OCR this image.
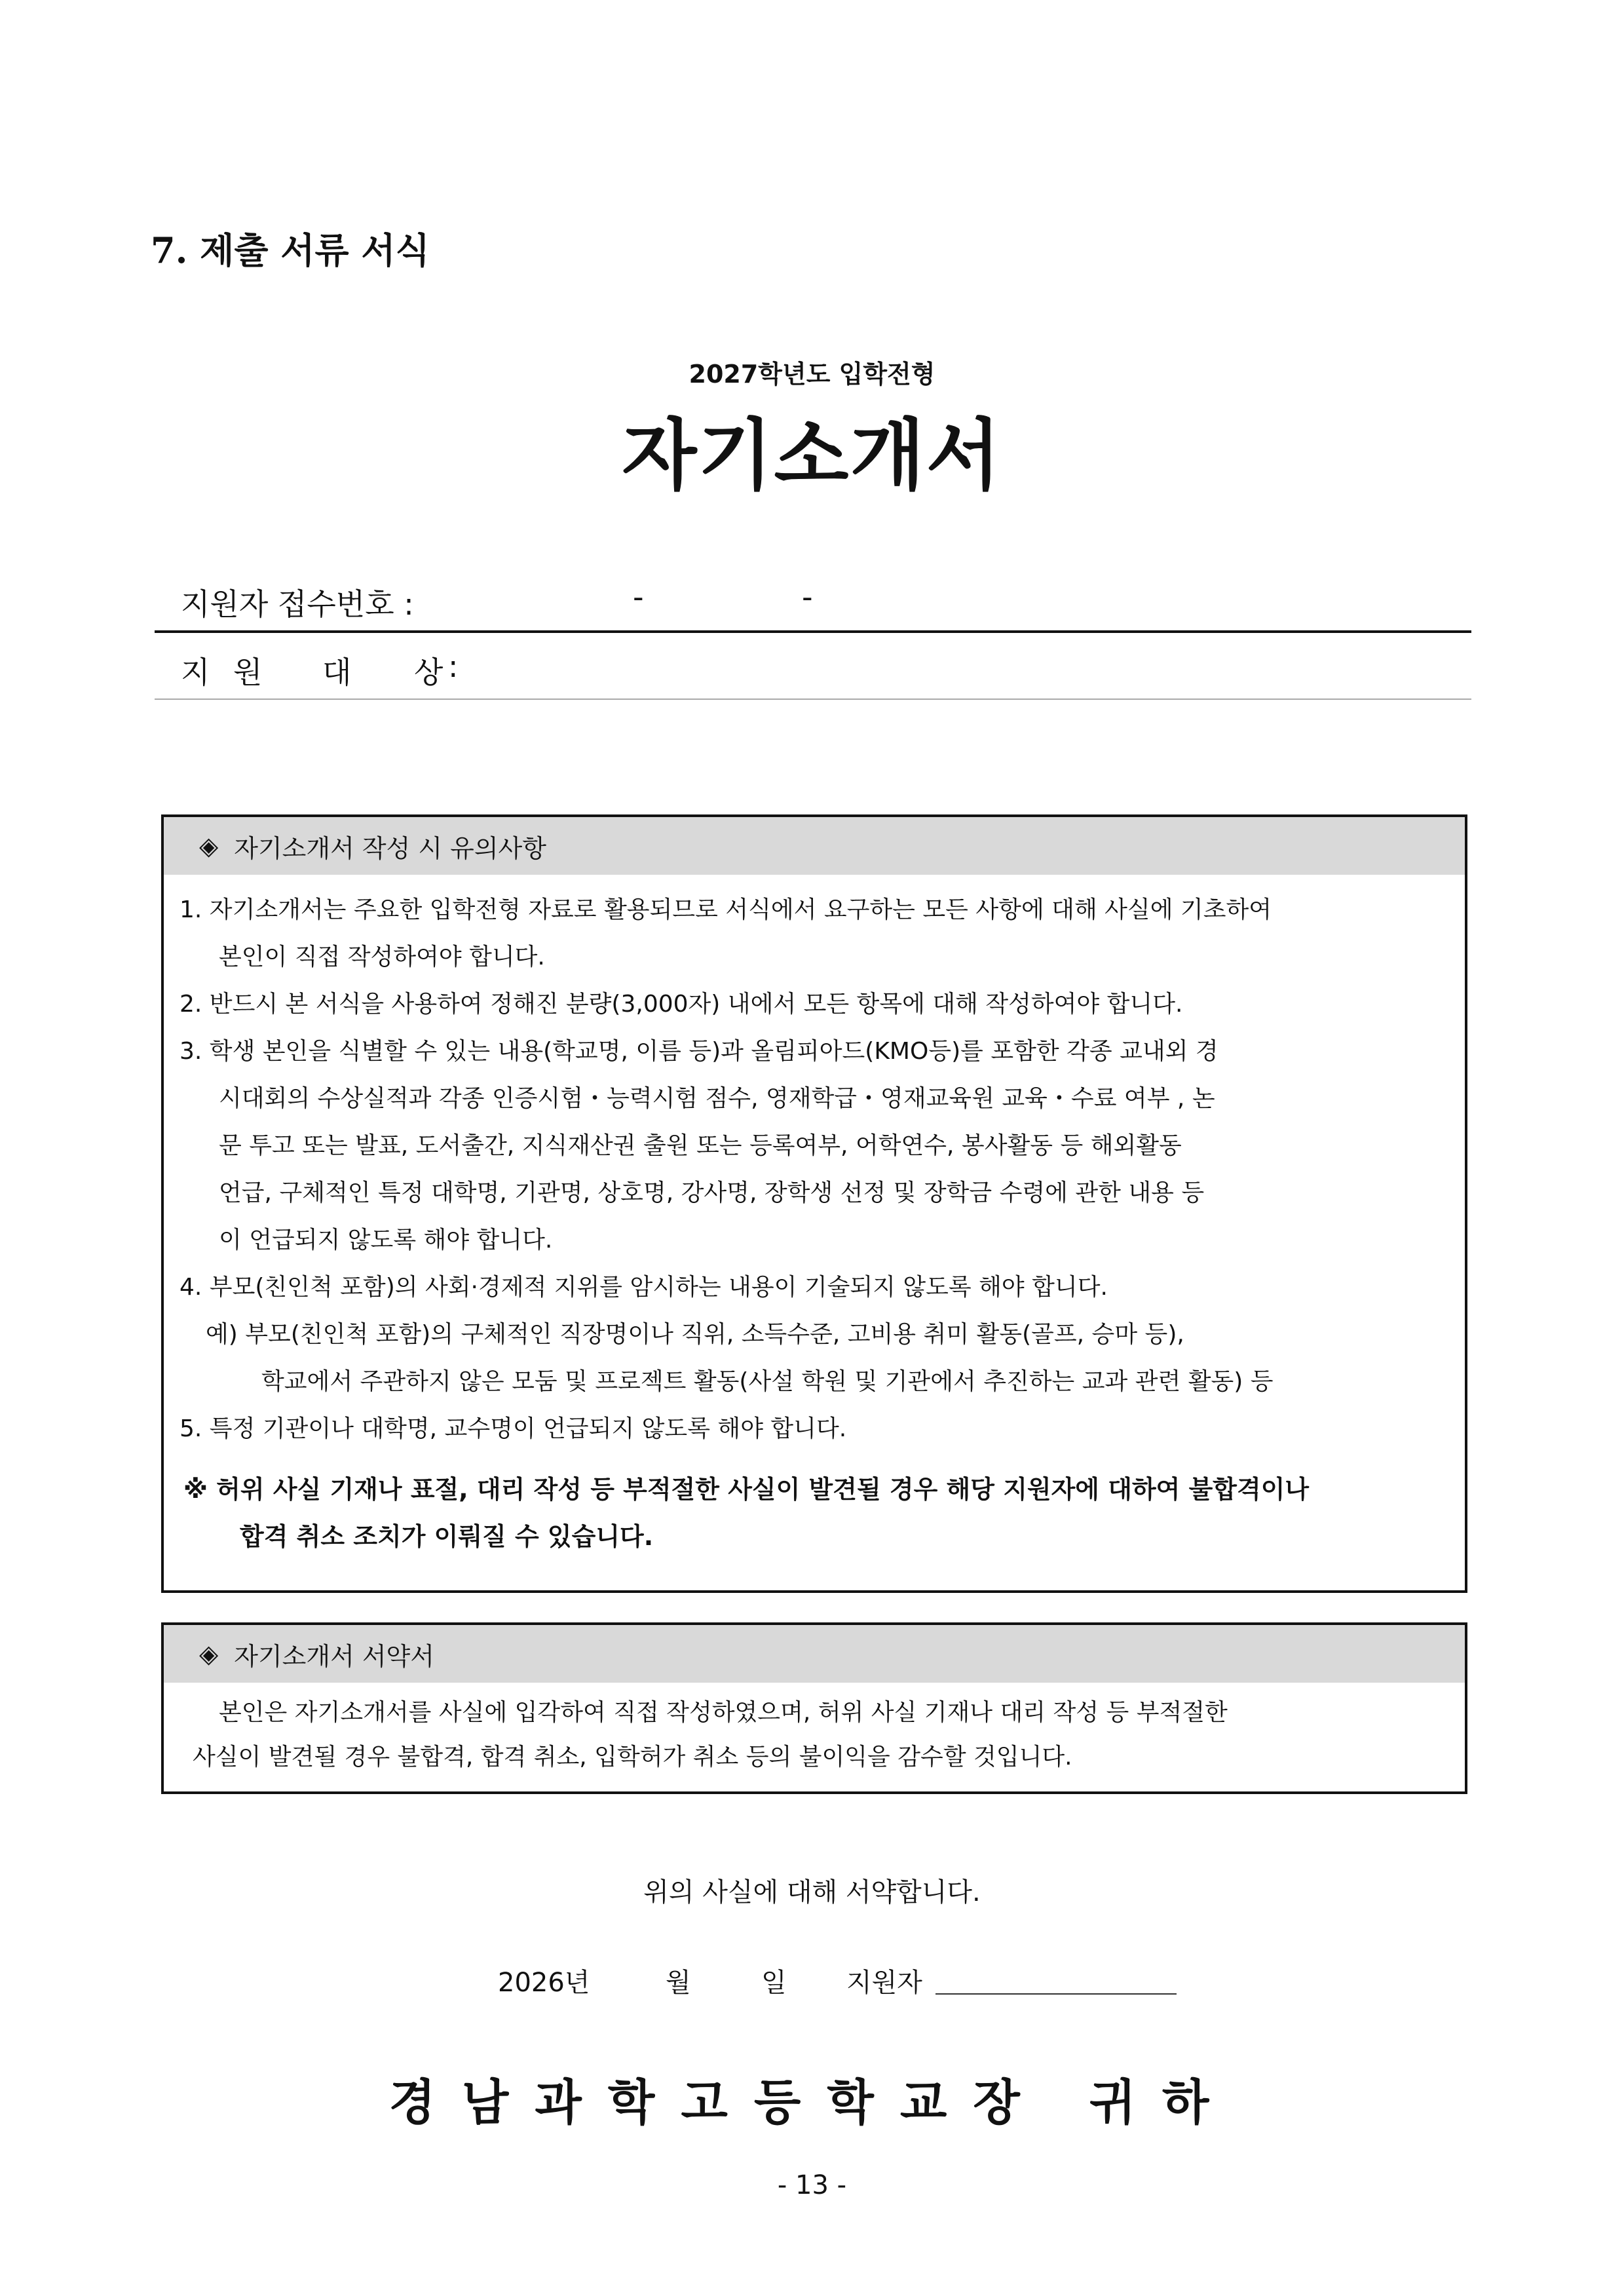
7. 제출 서류 서식
2027학년도 입학전형
자기소개서
지원자 접수번호 :	-	-
지 원 대 상 :
◈ 자기소개서 작성 시 유의사항
1. 자기소개서는 주요한 입학전형 자료로 활용되므로 서식에서 요구하는 모든 사항에 대해 사실에 기초하여
본인이 직접 작성하여야 합니다.
2. 반드시 본 서식을 사용하여 정해진 분량(3,000자) 내에서 모든 항목에 대해 작성하여야 합니다.
3. 학생 본인을 식별할 수 있는 내용(학교명, 이름 등)과 올림피아드(KMO등)를 포함한 각종 교내외 경
시대회의 수상실적과 각종 인증시험・능력시험 점수, 영재학급・영재교육원 교육・수료 여부 , 논
문 투고 또는 발표, 도서출간, 지식재산권 출원 또는 등록여부, 어학연수, 봉사활동 등 해외활동
언급, 구체적인 특정 대학명, 기관명, 상호명, 강사명, 장학생 선정 및 장학금 수령에 관한 내용 등
이 언급되지 않도록 해야 합니다.
4. 부모(친인척 포함)의 사회·경제적 지위를 암시하는 내용이 기술되지 않도록 해야 합니다.
예) 부모(친인척 포함)의 구체적인 직장명이나 직위, 소득수준, 고비용 취미 활동(골프, 승마 등),
학교에서 주관하지 않은 모둠 및 프로젝트 활동(사설 학원 및 기관에서 추진하는 교과 관련 활동) 등
5. 특정 기관이나 대학명, 교수명이 언급되지 않도록 해야 합니다.
※ 허위 사실 기재나 표절, 대리 작성 등 부적절한 사실이 발견될 경우 해당 지원자에 대하여 불합격이나
합격 취소 조치가 이뤄질 수 있습니다.
◈ 자기소개서 서약서
본인은 자기소개서를 사실에 입각하여 직접 작성하였으며, 허위 사실 기재나 대리 작성 등 부적절한
사실이 발견될 경우 불합격, 합격 취소, 입학허가 취소 등의 불이익을 감수할 것입니다.
위의 사실에 대해 서약합니다.
2026년	월	일 지원자
경남과학고등학교장 귀하
- 13 -
